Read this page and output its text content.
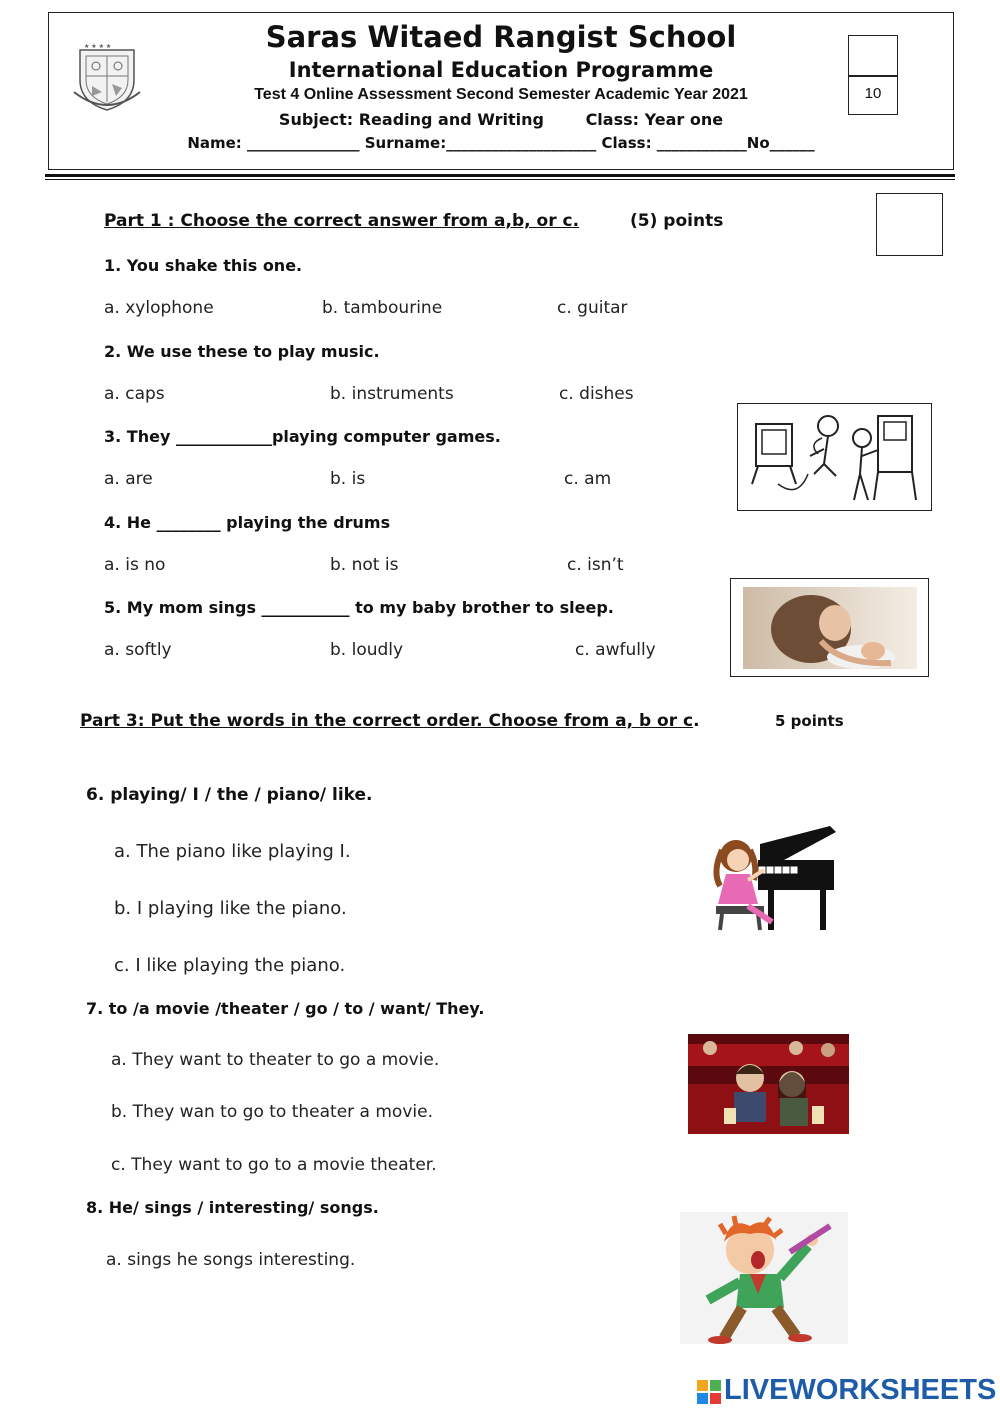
★ ★ ★ ★	Saras Witaed Rangist School
International Education Programme
Test 4 Online Assessment Second Semester Academic Year 2021
Subject: Reading and Writing	Class: Year one
Name: _______________ Surname:____________________ Class: ____________No______
10
Part 1 : Choose the correct answer from a,b, or c.	(5) points
1. You shake this one.
a. xylophone	b. tambourine	c. guitar
2. We use these to play music.
a. caps	b. instruments	c. dishes
3. They ____________playing computer games.
a. are	b. is	c. am
4. He ________ playing the drums
a. is no	b. not is	c. isn’t
5. My mom sings ___________ to my baby brother to sleep.
a. softly	b. loudly	c. awfully
Part 3: Put the words in the correct order. Choose from a, b or c.	5 points
6. playing/ I / the / piano/ like.
a. The piano like playing I.
b. I playing like the piano.
c. I like playing the piano.
7. to /a movie /theater / go / to / want/ They.
a. They want to theater to go a movie.
b. They wan to go to theater a movie.
c. They want to go to a movie theater.
8. He/ sings / interesting/ songs.
a. sings he songs interesting.
LIVEWORKSHEETS
